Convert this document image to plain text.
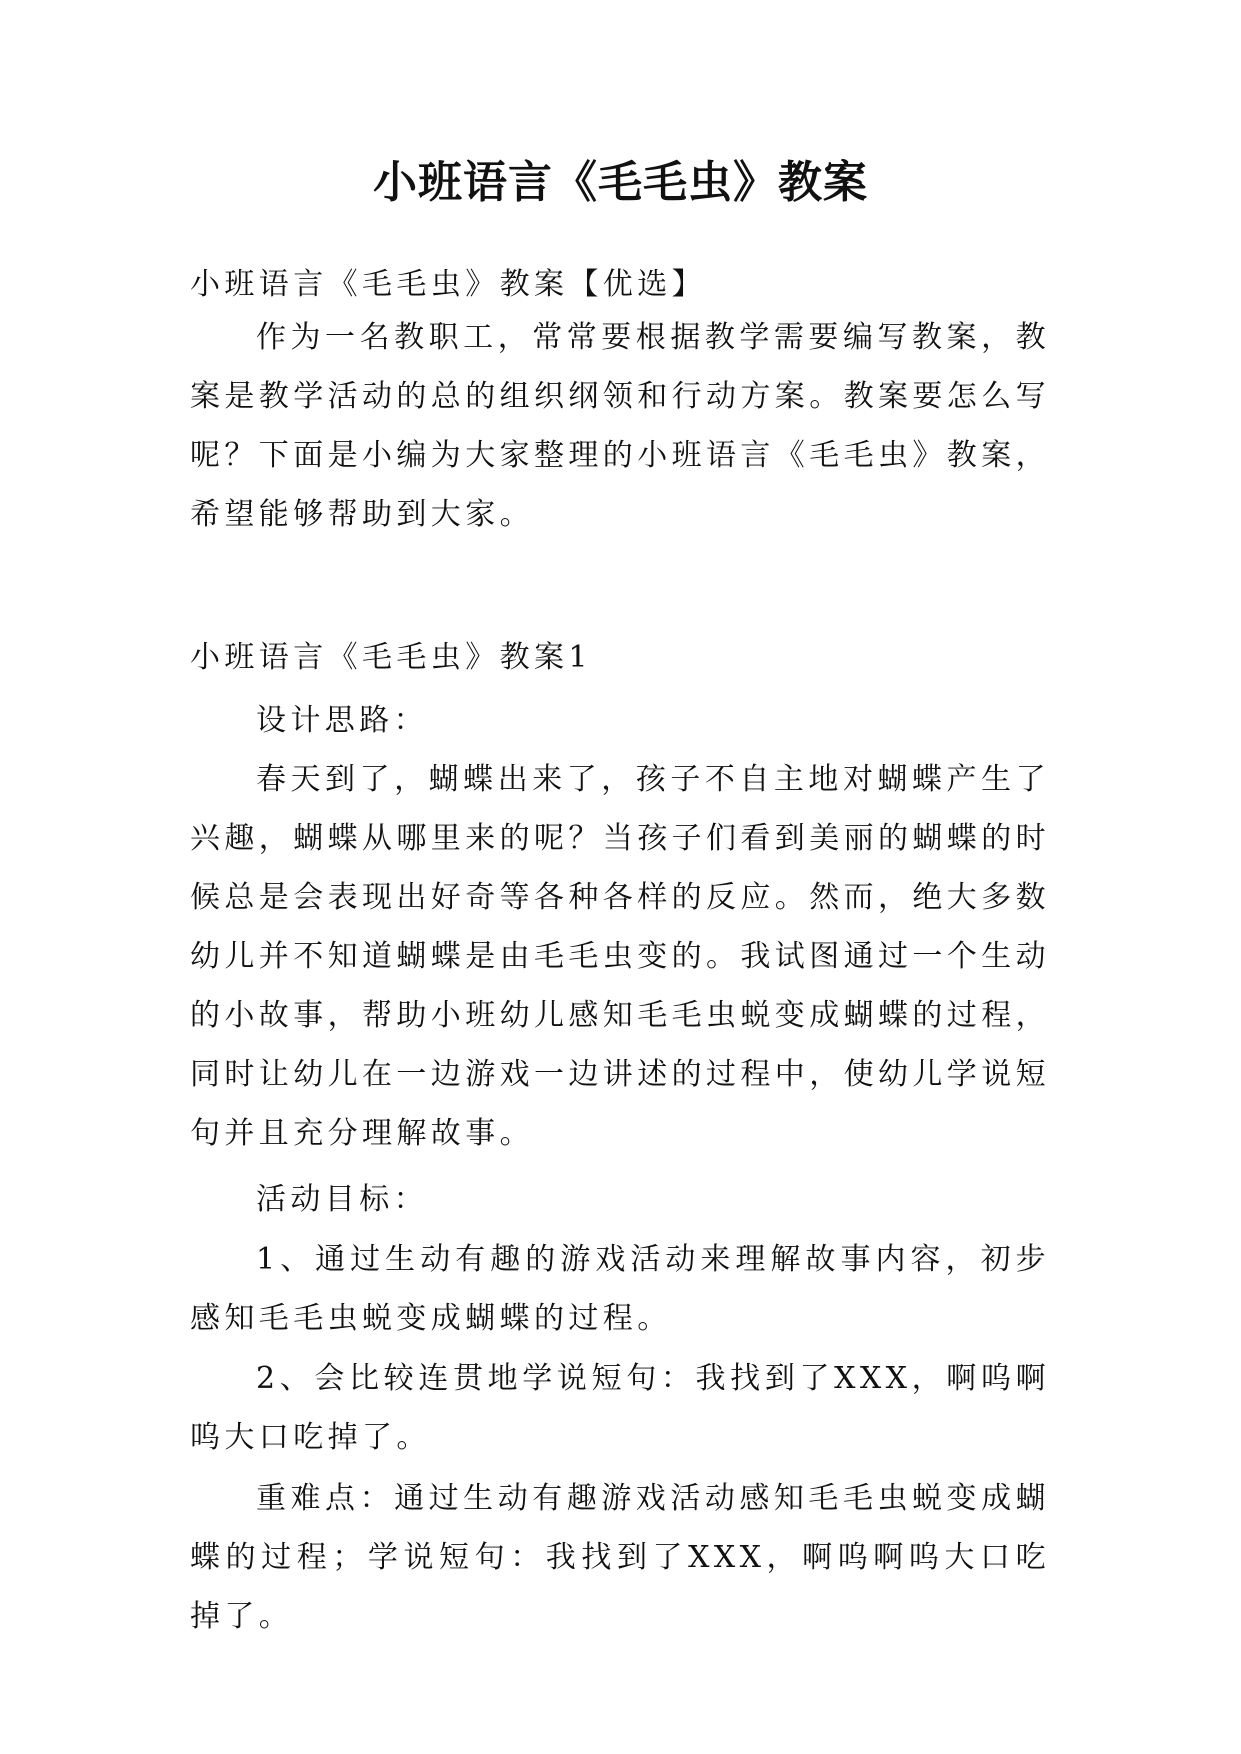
小班语言《毛毛虫》教案

小班语言《毛毛虫》教案【优选】

作为一名教职工，常常要根据教学需要编写教案，教案是教学活动的总的组织纲领和行动方案。教案要怎么写呢？下面是小编为大家整理的小班语言《毛毛虫》教案，希望能够帮助到大家。

小班语言《毛毛虫》教案1

设计思路：

春天到了，蝴蝶出来了，孩子不自主地对蝴蝶产生了兴趣，蝴蝶从哪里来的呢？当孩子们看到美丽的蝴蝶的时候总是会表现出好奇等各种各样的反应。然而，绝大多数幼儿并不知道蝴蝶是由毛毛虫变的。我试图通过一个生动的小故事，帮助小班幼儿感知毛毛虫蜕变成蝴蝶的过程，同时让幼儿在一边游戏一边讲述的过程中，使幼儿学说短句并且充分理解故事。

活动目标：

1、通过生动有趣的游戏活动来理解故事内容，初步感知毛毛虫蜕变成蝴蝶的过程。

2、会比较连贯地学说短句：我找到了XXX，啊呜啊呜大口吃掉了。

重难点：通过生动有趣游戏活动感知毛毛虫蜕变成蝴蝶的过程；学说短句：我找到了XXX，啊呜啊呜大口吃掉了。
